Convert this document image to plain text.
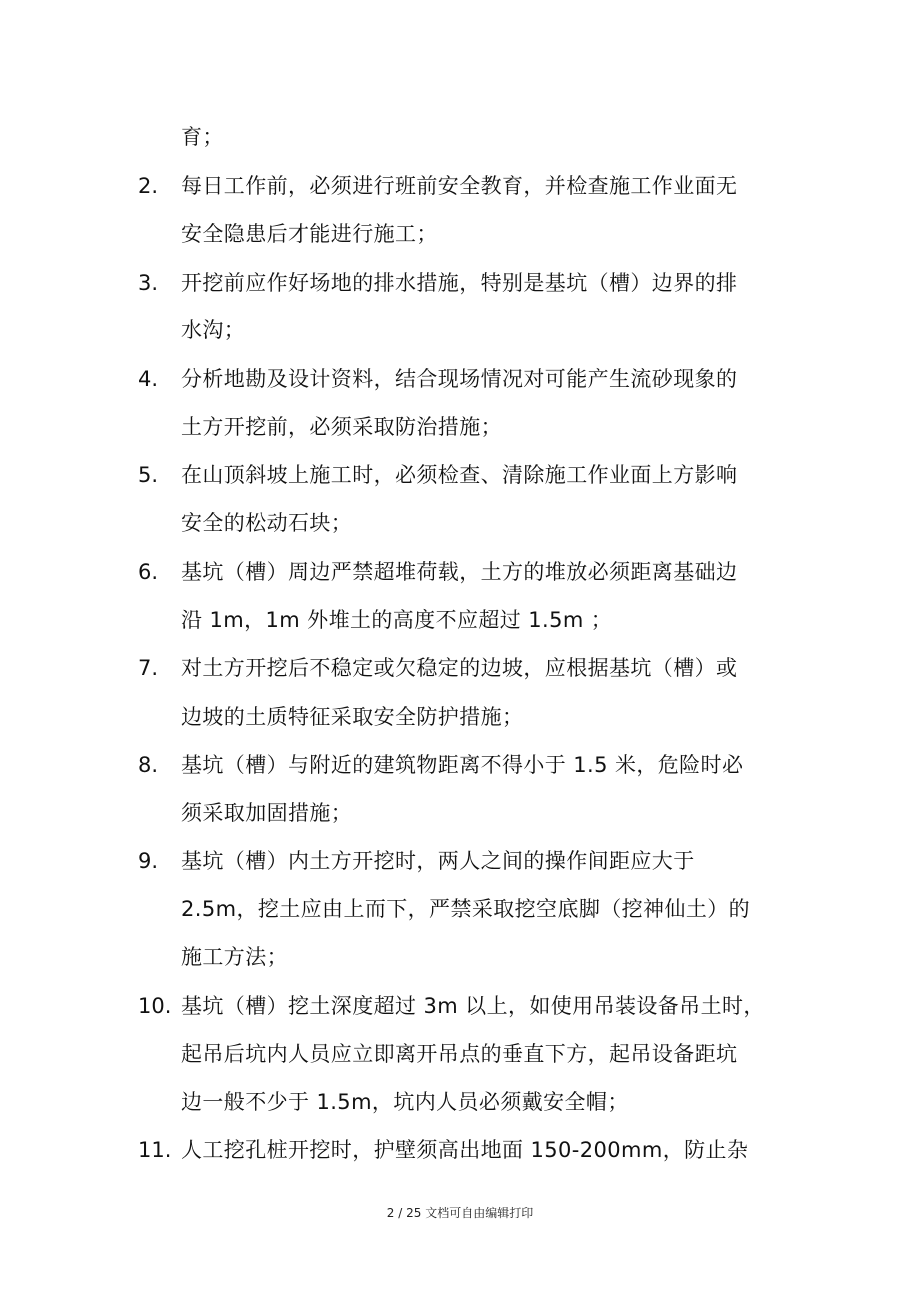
育；
2.	每日工作前，必须进行班前安全教育，并检查施工作业面无
安全隐患后才能进行施工；
3.	开挖前应作好场地的排水措施，特别是基坑（槽）边界的排
水沟；
4.	分析地勘及设计资料，结合现场情况对可能产生流砂现象的
土方开挖前，必须采取防治措施；
5.	在山顶斜坡上施工时，必须检查、清除施工作业面上方影响
安全的松动石块；
6.	基坑（槽）周边严禁超堆荷载，土方的堆放必须距离基础边
沿 1m，1m 外堆土的高度不应超过 1.5m ；
7.	对土方开挖后不稳定或欠稳定的边坡，应根据基坑（槽）或
边坡的土质特征采取安全防护措施；
8.	基坑（槽）与附近的建筑物距离不得小于 1.5 米，危险时必
须采取加固措施；
9.	基坑（槽）内土方开挖时，两人之间的操作间距应大于
2.5m，挖土应由上而下，严禁采取挖空底脚（挖神仙土）的
施工方法；
10. 基坑（槽）挖土深度超过 3m 以上，如使用吊装设备吊土时，
起吊后坑内人员应立即离开吊点的垂直下方，起吊设备距坑
边一般不少于 1.5m，坑内人员必须戴安全帽；
11. 人工挖孔桩开挖时，护壁须高出地面 150-200mm，防止杂
2 / 25 文档可自由编辑打印
